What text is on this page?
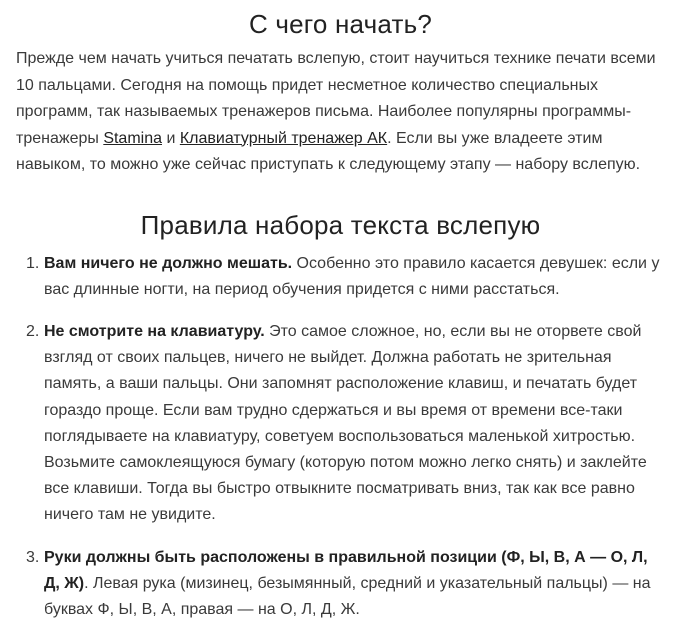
С чего начать?

Прежде чем начать учиться печатать вслепую, стоит научиться технике печати всеми 10 пальцами. Сегодня на помощь придет несметное количество специальных программ, так называемых тренажеров письма. Наиболее популярны программы-тренажеры Stamina и Клавиатурный тренажер АК. Если вы уже владеете этим навыком, то можно уже сейчас приступать к следующему этапу — набору вслепую.

Правила набора текста вслепую
1. Вам ничего не должно мешать. Особенно это правило касается девушек: если у вас длинные ногти, на период обучения придется с ними расстаться.
2. Не смотрите на клавиатуру. Это самое сложное, но, если вы не оторвете свой взгляд от своих пальцев, ничего не выйдет. Должна работать не зрительная память, а ваши пальцы. Они запомнят расположение клавиш, и печатать будет гораздо проще. Если вам трудно сдержаться и вы время от времени все-таки поглядываете на клавиатуру, советуем воспользоваться маленькой хитростью. Возьмите самоклеящуюся бумагу (которую потом можно легко снять) и заклейте все клавиши. Тогда вы быстро отвыкните посматривать вниз, так как все равно ничего там не увидите.
3. Руки должны быть расположены в правильной позиции (Ф, Ы, В, А — О, Л, Д, Ж). Левая рука (мизинец, безымянный, средний и указательный пальцы) — на буквах Ф, Ы, В, А, правая — на О, Л, Д, Ж.
